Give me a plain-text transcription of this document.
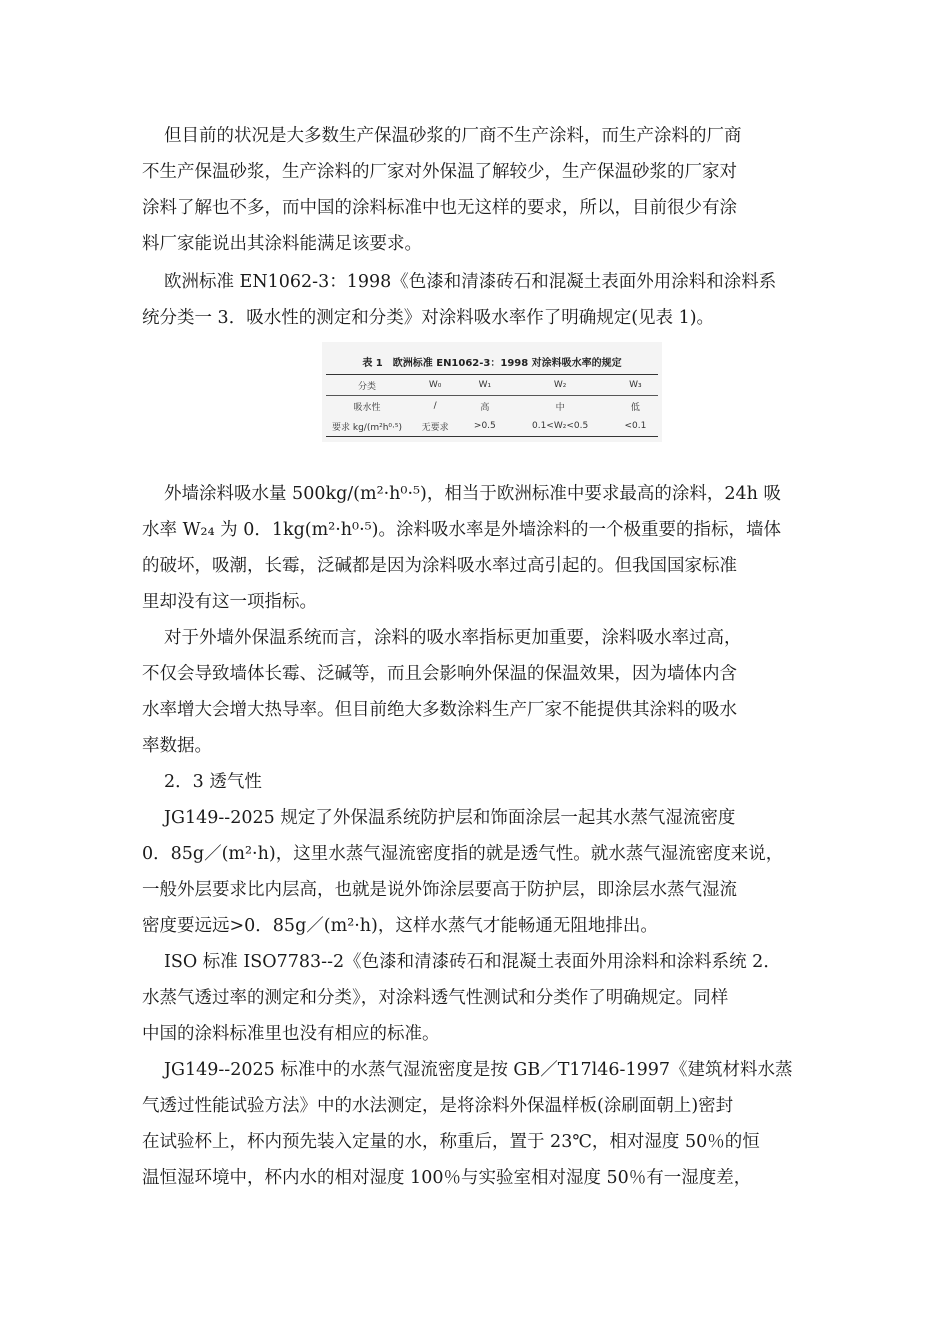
但目前的状况是大多数生产保温砂浆的厂商不生产涂料，而生产涂料的厂商
不生产保温砂浆，生产涂料的厂家对外保温了解较少，生产保温砂浆的厂家对
涂料了解也不多，而中国的涂料标准中也无这样的要求，所以，目前很少有涂
料厂家能说出其涂料能满足该要求。

欧洲标准 EN1062-3：1998《色漆和清漆砖石和混凝土表面外用涂料和涂料系
统分类一 3．吸水性的测定和分类》对涂料吸水率作了明确规定(见表 1)。

表 1　欧洲标准 EN1062-3：1998 对涂料吸水率的规定
分类	W₀	W₁	W₂	W₃
吸水性	/	高	中	低
要求 kg/(m²h⁰·⁵)	无要求	>0.5	0.1<W₂<0.5	<0.1

外墙涂料吸水量 500kg/(m²·h⁰·⁵)，相当于欧洲标准中要求最高的涂料，24h 吸
水率 W₂₄ 为 0．1kg(m²·h⁰·⁵)。涂料吸水率是外墙涂料的一个极重要的指标，墙体
的破坏，吸潮，长霉，泛碱都是因为涂料吸水率过高引起的。但我国国家标准
里却没有这一项指标。

对于外墙外保温系统而言，涂料的吸水率指标更加重要，涂料吸水率过高，
不仅会导致墙体长霉、泛碱等，而且会影响外保温的保温效果，因为墙体内含
水率增大会增大热导率。但目前绝大多数涂料生产厂家不能提供其涂料的吸水
率数据。

2．3 透气性

JG149--2025 规定了外保温系统防护层和饰面涂层一起其水蒸气湿流密度
0．85g／(m²·h)，这里水蒸气湿流密度指的就是透气性。就水蒸气湿流密度来说，
一般外层要求比内层高，也就是说外饰涂层要高于防护层，即涂层水蒸气湿流
密度要远远>0．85g／(m²·h)，这样水蒸气才能畅通无阻地排出。

ISO 标准 ISO7783--2《色漆和清漆砖石和混凝土表面外用涂料和涂料系统 2．
水蒸气透过率的测定和分类》，对涂料透气性测试和分类作了明确规定。同样
中国的涂料标准里也没有相应的标准。

JG149--2025 标准中的水蒸气湿流密度是按 GB／T17l46-1997《建筑材料水蒸
气透过性能试验方法》中的水法测定，是将涂料外保温样板(涂刷面朝上)密封
在试验杯上，杯内预先装入定量的水，称重后，置于 23℃，相对湿度 50％的恒
温恒湿环境中，杯内水的相对湿度 100％与实验室相对湿度 50％有一湿度差，
